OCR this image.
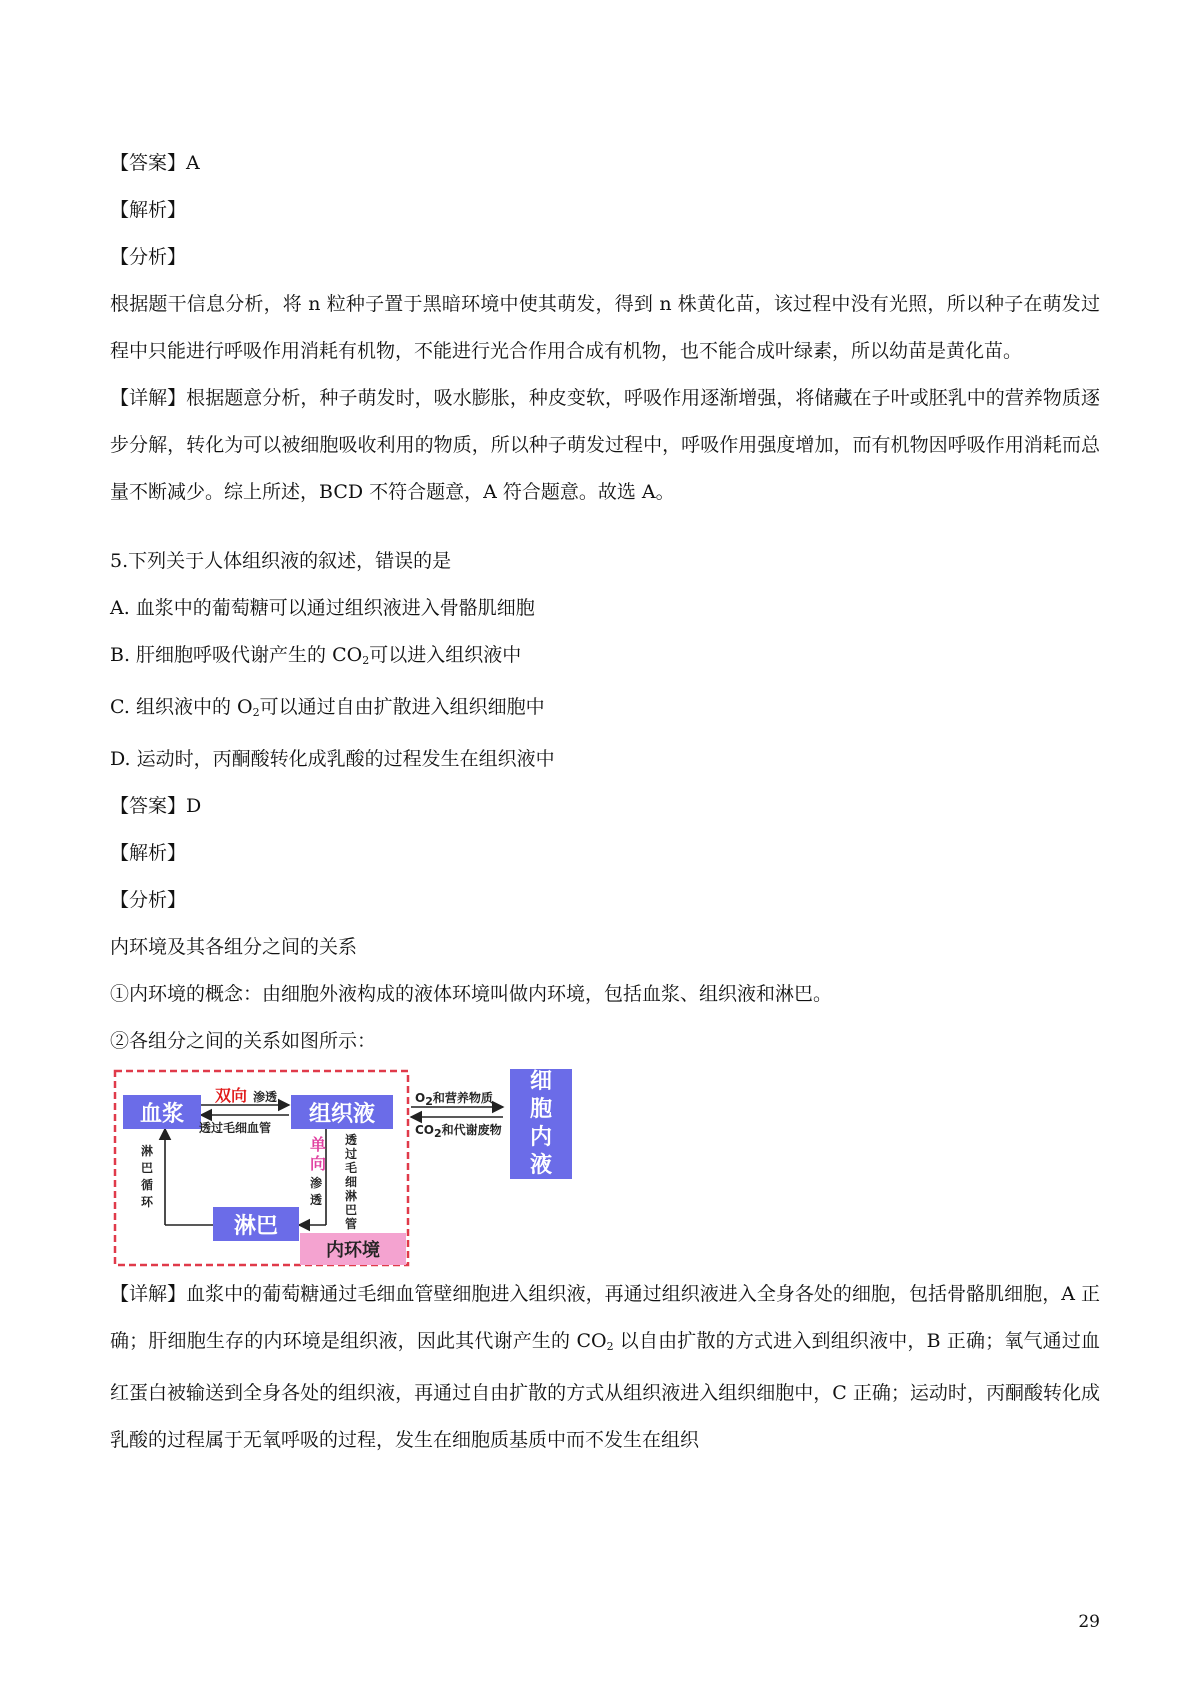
【答案】A
【解析】
【分析】
根据题干信息分析，将 n 粒种子置于黑暗环境中使其萌发，得到 n 株黄化苗，该过程中没有光照，所以种子在萌发过程中只能进行呼吸作用消耗有机物，不能进行光合作用合成有机物，也不能合成叶绿素，所以幼苗是黄化苗。
【详解】根据题意分析，种子萌发时，吸水膨胀，种皮变软，呼吸作用逐渐增强，将储藏在子叶或胚乳中的营养物质逐步分解，转化为可以被细胞吸收利用的物质，所以种子萌发过程中，呼吸作用强度增加，而有机物因呼吸作用消耗而总量不断减少。综上所述，BCD 不符合题意，A 符合题意。故选 A。
5.下列关于人体组织液的叙述，错误的是
A. 血浆中的葡萄糖可以通过组织液进入骨骼肌细胞
B. 肝细胞呼吸代谢产生的 $CO_2$可以进入组织液中
C. 组织液中的 $O_2$可以通过自由扩散进入组织细胞中
D. 运动时，丙酮酸转化成乳酸的过程发生在组织液中
【答案】D
【解析】
【分析】
内环境及其各组分之间的关系
①内环境的概念：由细胞外液构成的液体环境叫做内环境，包括血浆、组织液和淋巴。
②各组分之间的关系如图所示：
血浆	组织液
淋巴
细
胞
内
液
内环境
双向 渗透
透过毛细血管
淋
巴
循
环
单
向
渗
透
透
过
毛
细
淋
巴
管
$O_2$和营养物质
$CO_2$和代谢废物
【详解】血浆中的葡萄糖通过毛细血管壁细胞进入组织液，再通过组织液进入全身各处的细胞，包括骨骼肌细胞，A 正确；肝细胞生存的内环境是组织液，因此其代谢产生的 $CO_2$ 以自由扩散的方式进入到组织液中，B 正确；氧气通过血红蛋白被输送到全身各处的组织液，再通过自由扩散的方式从组织液进入组织细胞中，C 正确；运动时，丙酮酸转化成乳酸的过程属于无氧呼吸的过程，发生在细胞质基质中而不发生在组织
29
